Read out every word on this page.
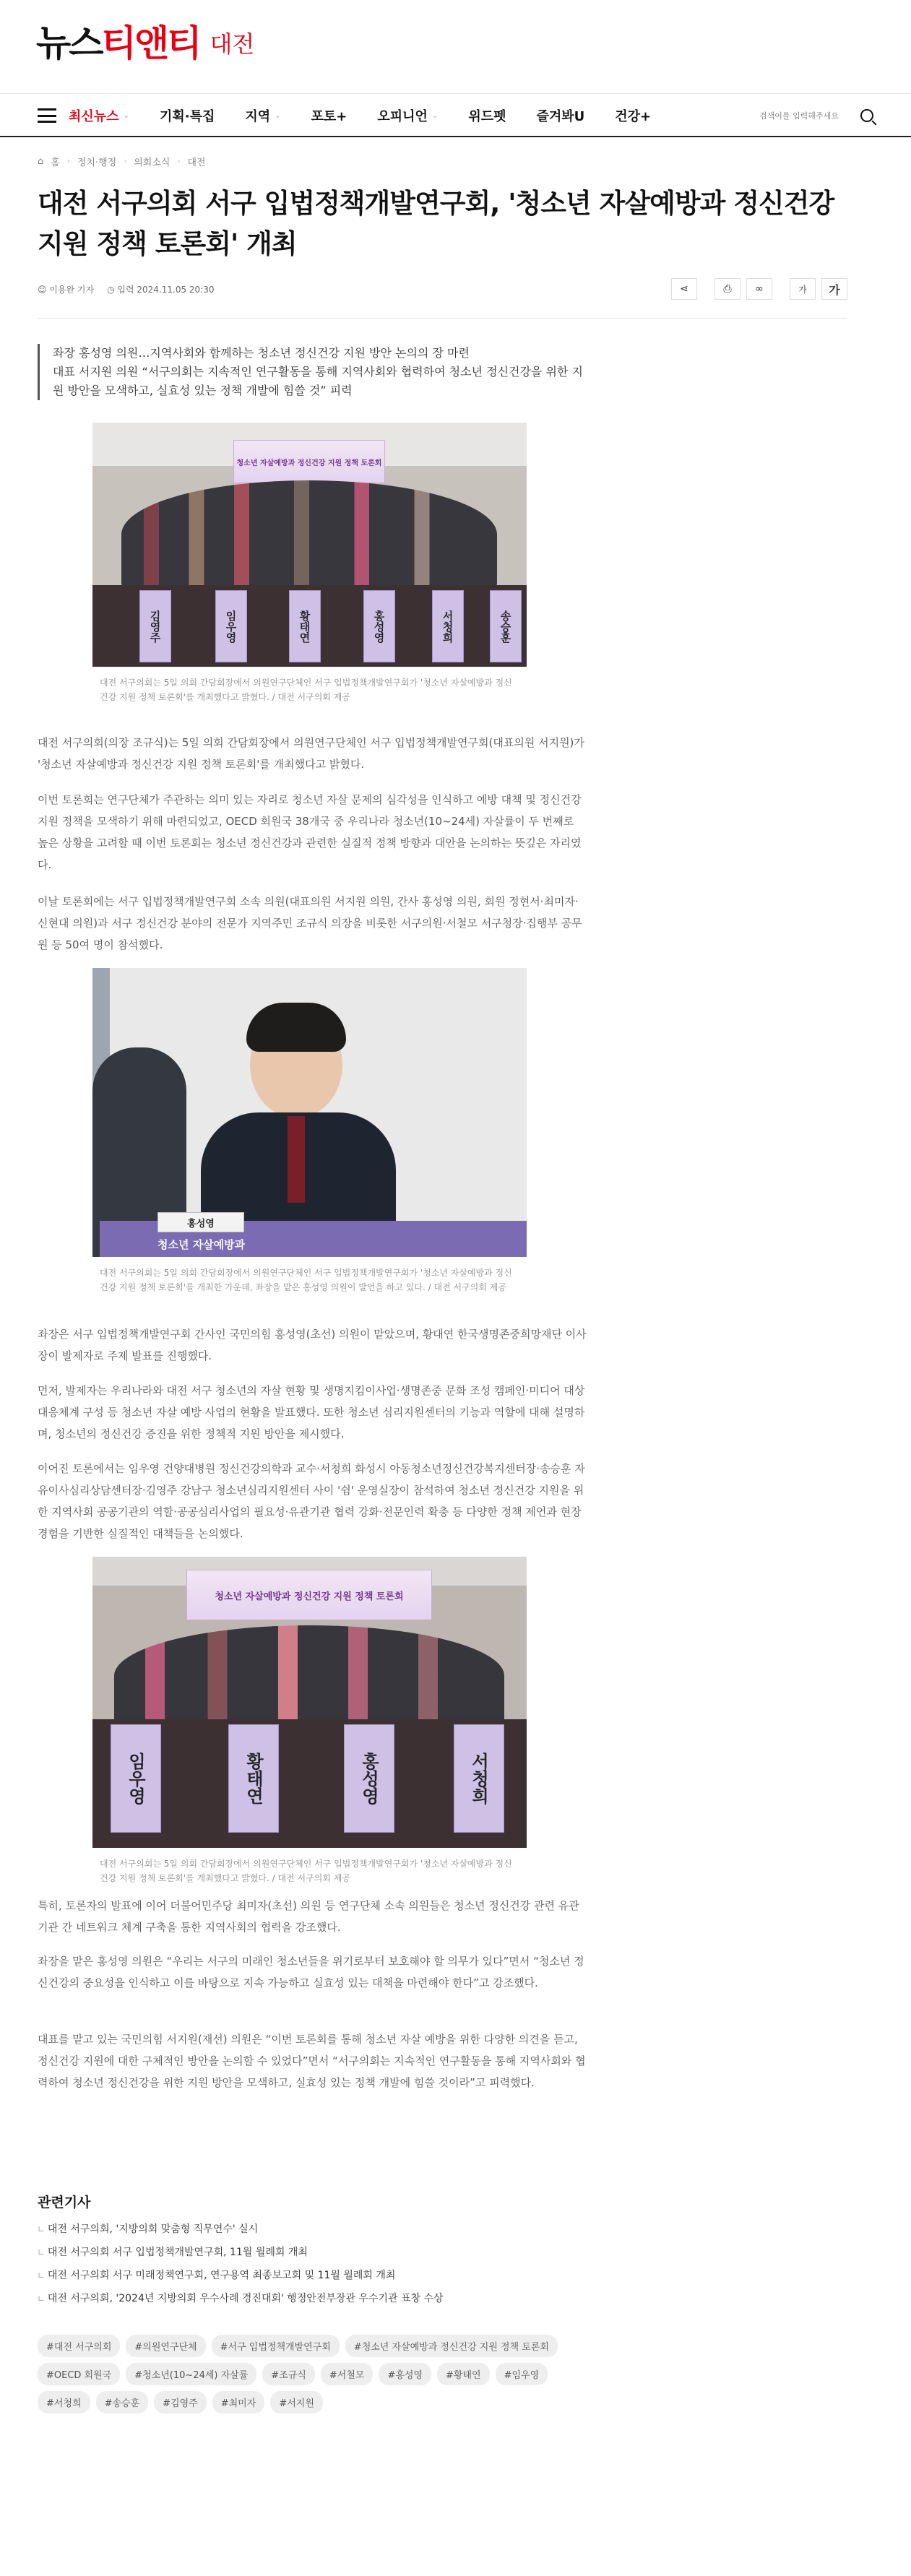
뉴스티앤티 대전
최신뉴스 ⌄ 기획·특집 지역 ⌄ 포토+ 오피니언 ⌄ 위드펫 즐겨봐U 건강+
검색어를 입력해주세요
⌂ 홈 › 정치·행정 › 의회소식 › 대전
대전 서구의회 서구 입법정책개발연구회, '청소년 자살예방과 정신건강 지원 정책 토론회' 개최
☺ 이용완 기자 ◷ 입력 2024.11.05 20:30	⋖	⎙	∞	가	가
좌장 홍성영 의원…지역사회와 함께하는 청소년 정신건강 지원 방안 논의의 장 마련
대표 서지원 의원 “서구의회는 지속적인 연구활동을 통해 지역사회와 협력하여 청소년 정신건강을 위한 지원 방안을 모색하고, 실효성 있는 정책 개발에 힘쓸 것” 피력
청소년 자살예방과 정신건강 지원 정책 토론회
김영주	임우영	황태연	홍성영	서청희	송승훈
대전 서구의회는 5일 의회 간담회장에서 의원연구단체인 서구 입법정책개발연구회가 '청소년 자살예방과 정신건강 지원 정책 토론회'를 개최했다고 밝혔다. / 대전 서구의회 제공
대전 서구의회(의장 조규식)는 5일 의회 간담회장에서 의원연구단체인 서구 입법정책개발연구회(대표의원 서지원)가 '청소년 자살예방과 정신건강 지원 정책 토론회'를 개최했다고 밝혔다.
이번 토론회는 연구단체가 주관하는 의미 있는 자리로 청소년 자살 문제의 심각성을 인식하고 예방 대책 및 정신건강 지원 정책을 모색하기 위해 마련되었고, OECD 회원국 38개국 중 우리나라 청소년(10~24세) 자살률이 두 번째로 높은 상황을 고려할 때 이번 토론회는 청소년 정신건강과 관련한 실질적 정책 방향과 대안을 논의하는 뜻깊은 자리였다.
이날 토론회에는 서구 입법정책개발연구회 소속 의원(대표의원 서지원 의원, 간사 홍성영 의원, 회원 정현서·최미자·신현대 의원)과 서구 정신건강 분야의 전문가 지역주민 조규식 의장을 비롯한 서구의원·서철모 서구청장·집행부 공무원 등 50여 명이 참석했다.
홍성영
청소년 자살예방과
대전 서구의회는 5일 의회 간담회장에서 의원연구단체인 서구 입법정책개발연구회가 '청소년 자살예방과 정신건강 지원 정책 토론회'를 개최한 가운데, 좌장을 맡은 홍성영 의원이 발언을 하고 있다. / 대전 서구의회 제공
좌장은 서구 입법정책개발연구회 간사인 국민의힘 홍성영(초선) 의원이 맡았으며, 황대연 한국생명존중희망재단 이사장이 발제자로 주제 발표를 진행했다.
먼저, 발제자는 우리나라와 대전 서구 청소년의 자살 현황 및 생명지킴이사업·생명존중 문화 조성 캠페인·미디어 대상 대응체계 구성 등 청소년 자살 예방 사업의 현황을 발표했다. 또한 청소년 심리지원센터의 기능과 역할에 대해 설명하며, 청소년의 정신건강 증진을 위한 정책적 지원 방안을 제시했다.
이어진 토론에서는 임우영 건양대병원 정신건강의학과 교수·서청희 화성시 아동청소년정신건강복지센터장·송승훈 자유이사심리상담센터장·김영주 강남구 청소년심리지원센터 사이 '쉼' 운영실장이 참석하여 청소년 정신건강 지원을 위한 지역사회 공공기관의 역할·공공심리사업의 필요성·유관기관 협력 강화·전문인력 확충 등 다양한 정책 제언과 현장 경험을 기반한 실질적인 대책들을 논의했다.
청소년 자살예방과 정신건강 지원 정책 토론회
임우영	황태연	홍성영	서청희
대전 서구의회는 5일 의회 간담회장에서 의원연구단체인 서구 입법정책개발연구회가 '청소년 자살예방과 정신건강 지원 정책 토론회'를 개최했다고 밝혔다. / 대전 서구의회 제공
특히, 토론자의 발표에 이어 더불어민주당 최미자(초선) 의원 등 연구단체 소속 의원들은 청소년 정신건강 관련 유관기관 간 네트워크 체계 구축을 통한 지역사회의 협력을 강조했다.
좌장을 맡은 홍성영 의원은 “우리는 서구의 미래인 청소년들을 위기로부터 보호해야 할 의무가 있다”면서 “청소년 정신건강의 중요성을 인식하고 이를 바탕으로 지속 가능하고 실효성 있는 대책을 마련해야 한다”고 강조했다.
대표를 맡고 있는 국민의힘 서지원(재선) 의원은 “이번 토론회를 통해 청소년 자살 예방을 위한 다양한 의견을 듣고, 정신건강 지원에 대한 구체적인 방안을 논의할 수 있었다”면서 “서구의회는 지속적인 연구활동을 통해 지역사회와 협력하여 청소년 정신건강을 위한 지원 방안을 모색하고, 실효성 있는 정책 개발에 힘쓸 것이라”고 피력했다.
관련기사
∟ 대전 서구의회, '지방의회 맞춤형 직무연수' 실시
∟ 대전 서구의회 서구 입법정책개발연구회, 11월 월례회 개최
∟ 대전 서구의회 서구 미래정책연구회, 연구용역 최종보고회 및 11월 월례회 개최
∟ 대전 서구의회, '2024년 지방의회 우수사례 경진대회' 행정안전부장관 우수기관 표창 수상
#대전 서구의회	#의원연구단체	#서구 입법정책개발연구회	#청소년 자살예방과 정신건강 지원 정책 토론회
#OECD 회원국	#청소년(10~24세) 자살률	#조규식	#서철모	#홍성영	#황태연	#임우영
#서청희	#송승훈	#김영주	#최미자	#서지원
